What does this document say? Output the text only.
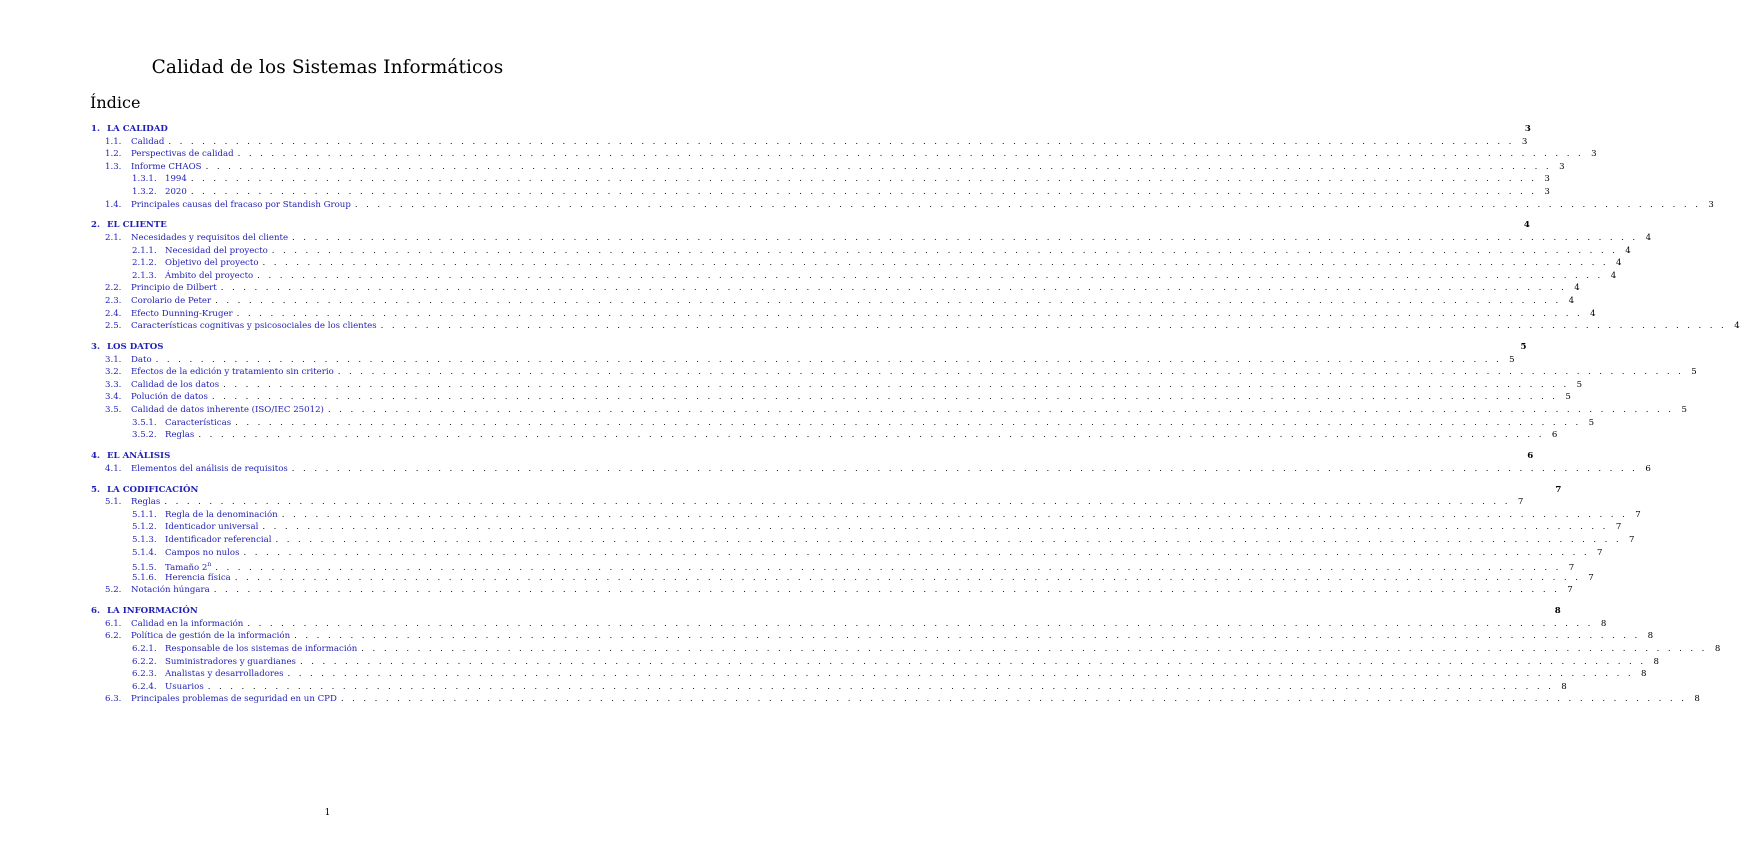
Calidad de los Sistemas Informáticos
Índice
1. LA CALIDAD	3
1.1.	Calidad . . . . . . . . . . . . . . . . . . . . . . . . . . . . . . . . . . . . . . . . . . . . . . . . . . . . . . . . . . . . . . . . . . . . . . . . . . . . . . . . . . . . . . . . . . . . . . . . . . . . . . . . . . . . . . . . . . . . . . . . 3
1.2.	Perspectivas de calidad . . . . . . . . . . . . . . . . . . . . . . . . . . . . . . . . . . . . . . . . . . . . . . . . . . . . . . . . . . . . . . . . . . . . . . . . . . . . . . . . . . . . . . . . . . . . . . . . . . . . . . . . . . . . . . . . . . . . . . . . 3
1.3.	Informe CHAOS . . . . . . . . . . . . . . . . . . . . . . . . . . . . . . . . . . . . . . . . . . . . . . . . . . . . . . . . . . . . . . . . . . . . . . . . . . . . . . . . . . . . . . . . . . . . . . . . . . . . . . . . . . . . . . . . . . . . . . . . 3
1.3.1. 1994 . . . . . . . . . . . . . . . . . . . . . . . . . . . . . . . . . . . . . . . . . . . . . . . . . . . . . . . . . . . . . . . . . . . . . . . . . . . . . . . . . . . . . . . . . . . . . . . . . . . . . . . . . . . . . . . . . . . . . . . . 3
1.3.2. 2020 . . . . . . . . . . . . . . . . . . . . . . . . . . . . . . . . . . . . . . . . . . . . . . . . . . . . . . . . . . . . . . . . . . . . . . . . . . . . . . . . . . . . . . . . . . . . . . . . . . . . . . . . . . . . . . . . . . . . . . . . 3
1.4.	Principales causas del fracaso por Standish Group . . . . . . . . . . . . . . . . . . . . . . . . . . . . . . . . . . . . . . . . . . . . . . . . . . . . . . . . . . . . . . . . . . . . . . . . . . . . . . . . . . . . . . . . . . . . . . . . . . . . . . . . . . . . . . . . . . . . . . . . 3
2. EL CLIENTE	4
2.1.	Necesidades y requisitos del cliente . . . . . . . . . . . . . . . . . . . . . . . . . . . . . . . . . . . . . . . . . . . . . . . . . . . . . . . . . . . . . . . . . . . . . . . . . . . . . . . . . . . . . . . . . . . . . . . . . . . . . . . . . . . . . . . . . . . . . . . . 4
2.1.1. Necesidad del proyecto . . . . . . . . . . . . . . . . . . . . . . . . . . . . . . . . . . . . . . . . . . . . . . . . . . . . . . . . . . . . . . . . . . . . . . . . . . . . . . . . . . . . . . . . . . . . . . . . . . . . . . . . . . . . . . . . . . . . . . . . 4
2.1.2. Objetivo del proyecto . . . . . . . . . . . . . . . . . . . . . . . . . . . . . . . . . . . . . . . . . . . . . . . . . . . . . . . . . . . . . . . . . . . . . . . . . . . . . . . . . . . . . . . . . . . . . . . . . . . . . . . . . . . . . . . . . . . . . . . . 4
2.1.3. Ámbito del proyecto . . . . . . . . . . . . . . . . . . . . . . . . . . . . . . . . . . . . . . . . . . . . . . . . . . . . . . . . . . . . . . . . . . . . . . . . . . . . . . . . . . . . . . . . . . . . . . . . . . . . . . . . . . . . . . . . . . . . . . . . 4
2.2.	Principio de Dilbert . . . . . . . . . . . . . . . . . . . . . . . . . . . . . . . . . . . . . . . . . . . . . . . . . . . . . . . . . . . . . . . . . . . . . . . . . . . . . . . . . . . . . . . . . . . . . . . . . . . . . . . . . . . . . . . . . . . . . . . . 4
2.3.	Corolario de Peter . . . . . . . . . . . . . . . . . . . . . . . . . . . . . . . . . . . . . . . . . . . . . . . . . . . . . . . . . . . . . . . . . . . . . . . . . . . . . . . . . . . . . . . . . . . . . . . . . . . . . . . . . . . . . . . . . . . . . . . . 4
2.4.	Efecto Dunning-Kruger . . . . . . . . . . . . . . . . . . . . . . . . . . . . . . . . . . . . . . . . . . . . . . . . . . . . . . . . . . . . . . . . . . . . . . . . . . . . . . . . . . . . . . . . . . . . . . . . . . . . . . . . . . . . . . . . . . . . . . . . 4
2.5.	Características cognitivas y psicosociales de los clientes . . . . . . . . . . . . . . . . . . . . . . . . . . . . . . . . . . . . . . . . . . . . . . . . . . . . . . . . . . . . . . . . . . . . . . . . . . . . . . . . . . . . . . . . . . . . . . . . . . . . . . . . . . . . . . . . . . . . . . . . 4
3. LOS DATOS	5
3.1.	Dato . . . . . . . . . . . . . . . . . . . . . . . . . . . . . . . . . . . . . . . . . . . . . . . . . . . . . . . . . . . . . . . . . . . . . . . . . . . . . . . . . . . . . . . . . . . . . . . . . . . . . . . . . . . . . . . . . . . . . . . . 5
3.2.	Efectos de la edición y tratamiento sin criterio . . . . . . . . . . . . . . . . . . . . . . . . . . . . . . . . . . . . . . . . . . . . . . . . . . . . . . . . . . . . . . . . . . . . . . . . . . . . . . . . . . . . . . . . . . . . . . . . . . . . . . . . . . . . . . . . . . . . . . . . 5
3.3.	Calidad de los datos . . . . . . . . . . . . . . . . . . . . . . . . . . . . . . . . . . . . . . . . . . . . . . . . . . . . . . . . . . . . . . . . . . . . . . . . . . . . . . . . . . . . . . . . . . . . . . . . . . . . . . . . . . . . . . . . . . . . . . . . 5
3.4.	Polución de datos . . . . . . . . . . . . . . . . . . . . . . . . . . . . . . . . . . . . . . . . . . . . . . . . . . . . . . . . . . . . . . . . . . . . . . . . . . . . . . . . . . . . . . . . . . . . . . . . . . . . . . . . . . . . . . . . . . . . . . . . 5
3.5.	Calidad de datos inherente (ISO/IEC 25012) . . . . . . . . . . . . . . . . . . . . . . . . . . . . . . . . . . . . . . . . . . . . . . . . . . . . . . . . . . . . . . . . . . . . . . . . . . . . . . . . . . . . . . . . . . . . . . . . . . . . . . . . . . . . . . . . . . . . . . . . 5
3.5.1. Características . . . . . . . . . . . . . . . . . . . . . . . . . . . . . . . . . . . . . . . . . . . . . . . . . . . . . . . . . . . . . . . . . . . . . . . . . . . . . . . . . . . . . . . . . . . . . . . . . . . . . . . . . . . . . . . . . . . . . . . . 5
3.5.2. Reglas . . . . . . . . . . . . . . . . . . . . . . . . . . . . . . . . . . . . . . . . . . . . . . . . . . . . . . . . . . . . . . . . . . . . . . . . . . . . . . . . . . . . . . . . . . . . . . . . . . . . . . . . . . . . . . . . . . . . . . . . 6
4. EL ANÁLISIS	6
4.1.	Elementos del análisis de requisitos . . . . . . . . . . . . . . . . . . . . . . . . . . . . . . . . . . . . . . . . . . . . . . . . . . . . . . . . . . . . . . . . . . . . . . . . . . . . . . . . . . . . . . . . . . . . . . . . . . . . . . . . . . . . . . . . . . . . . . . . 6
5. LA CODIFICACIÓN	7
5.1.	Reglas . . . . . . . . . . . . . . . . . . . . . . . . . . . . . . . . . . . . . . . . . . . . . . . . . . . . . . . . . . . . . . . . . . . . . . . . . . . . . . . . . . . . . . . . . . . . . . . . . . . . . . . . . . . . . . . . . . . . . . . . 7
5.1.1. Regla de la denominación . . . . . . . . . . . . . . . . . . . . . . . . . . . . . . . . . . . . . . . . . . . . . . . . . . . . . . . . . . . . . . . . . . . . . . . . . . . . . . . . . . . . . . . . . . . . . . . . . . . . . . . . . . . . . . . . . . . . . . . . 7
5.1.2. Identicador universal . . . . . . . . . . . . . . . . . . . . . . . . . . . . . . . . . . . . . . . . . . . . . . . . . . . . . . . . . . . . . . . . . . . . . . . . . . . . . . . . . . . . . . . . . . . . . . . . . . . . . . . . . . . . . . . . . . . . . . . . 7
5.1.3. Identificador referencial . . . . . . . . . . . . . . . . . . . . . . . . . . . . . . . . . . . . . . . . . . . . . . . . . . . . . . . . . . . . . . . . . . . . . . . . . . . . . . . . . . . . . . . . . . . . . . . . . . . . . . . . . . . . . . . . . . . . . . . . 7
5.1.4. Campos no nulos . . . . . . . . . . . . . . . . . . . . . . . . . . . . . . . . . . . . . . . . . . . . . . . . . . . . . . . . . . . . . . . . . . . . . . . . . . . . . . . . . . . . . . . . . . . . . . . . . . . . . . . . . . . . . . . . . . . . . . . . 7
5.1.5. Tamaño 2$^n$ . . . . . . . . . . . . . . . . . . . . . . . . . . . . . . . . . . . . . . . . . . . . . . . . . . . . . . . . . . . . . . . . . . . . . . . . . . . . . . . . . . . . . . . . . . . . . . . . . . . . . . . . . . . . . . . . . . . . . . . . 7
5.1.6. Herencia física . . . . . . . . . . . . . . . . . . . . . . . . . . . . . . . . . . . . . . . . . . . . . . . . . . . . . . . . . . . . . . . . . . . . . . . . . . . . . . . . . . . . . . . . . . . . . . . . . . . . . . . . . . . . . . . . . . . . . . . . 7
5.2.	Notación húngara . . . . . . . . . . . . . . . . . . . . . . . . . . . . . . . . . . . . . . . . . . . . . . . . . . . . . . . . . . . . . . . . . . . . . . . . . . . . . . . . . . . . . . . . . . . . . . . . . . . . . . . . . . . . . . . . . . . . . . . . 7
6. LA INFORMACIÓN	8
6.1.	Calidad en la información . . . . . . . . . . . . . . . . . . . . . . . . . . . . . . . . . . . . . . . . . . . . . . . . . . . . . . . . . . . . . . . . . . . . . . . . . . . . . . . . . . . . . . . . . . . . . . . . . . . . . . . . . . . . . . . . . . . . . . . . 8
6.2.	Política de gestión de la información . . . . . . . . . . . . . . . . . . . . . . . . . . . . . . . . . . . . . . . . . . . . . . . . . . . . . . . . . . . . . . . . . . . . . . . . . . . . . . . . . . . . . . . . . . . . . . . . . . . . . . . . . . . . . . . . . . . . . . . . 8
6.2.1. Responsable de los sistemas de información . . . . . . . . . . . . . . . . . . . . . . . . . . . . . . . . . . . . . . . . . . . . . . . . . . . . . . . . . . . . . . . . . . . . . . . . . . . . . . . . . . . . . . . . . . . . . . . . . . . . . . . . . . . . . . . . . . . . . . . . 8
6.2.2. Suministradores y guardianes . . . . . . . . . . . . . . . . . . . . . . . . . . . . . . . . . . . . . . . . . . . . . . . . . . . . . . . . . . . . . . . . . . . . . . . . . . . . . . . . . . . . . . . . . . . . . . . . . . . . . . . . . . . . . . . . . . . . . . . . 8
6.2.3. Analistas y desarrolladores . . . . . . . . . . . . . . . . . . . . . . . . . . . . . . . . . . . . . . . . . . . . . . . . . . . . . . . . . . . . . . . . . . . . . . . . . . . . . . . . . . . . . . . . . . . . . . . . . . . . . . . . . . . . . . . . . . . . . . . . 8
6.2.4. Usuarios . . . . . . . . . . . . . . . . . . . . . . . . . . . . . . . . . . . . . . . . . . . . . . . . . . . . . . . . . . . . . . . . . . . . . . . . . . . . . . . . . . . . . . . . . . . . . . . . . . . . . . . . . . . . . . . . . . . . . . . . 8
6.3.	Principales problemas de seguridad en un CPD . . . . . . . . . . . . . . . . . . . . . . . . . . . . . . . . . . . . . . . . . . . . . . . . . . . . . . . . . . . . . . . . . . . . . . . . . . . . . . . . . . . . . . . . . . . . . . . . . . . . . . . . . . . . . . . . . . . . . . . . 8
1
